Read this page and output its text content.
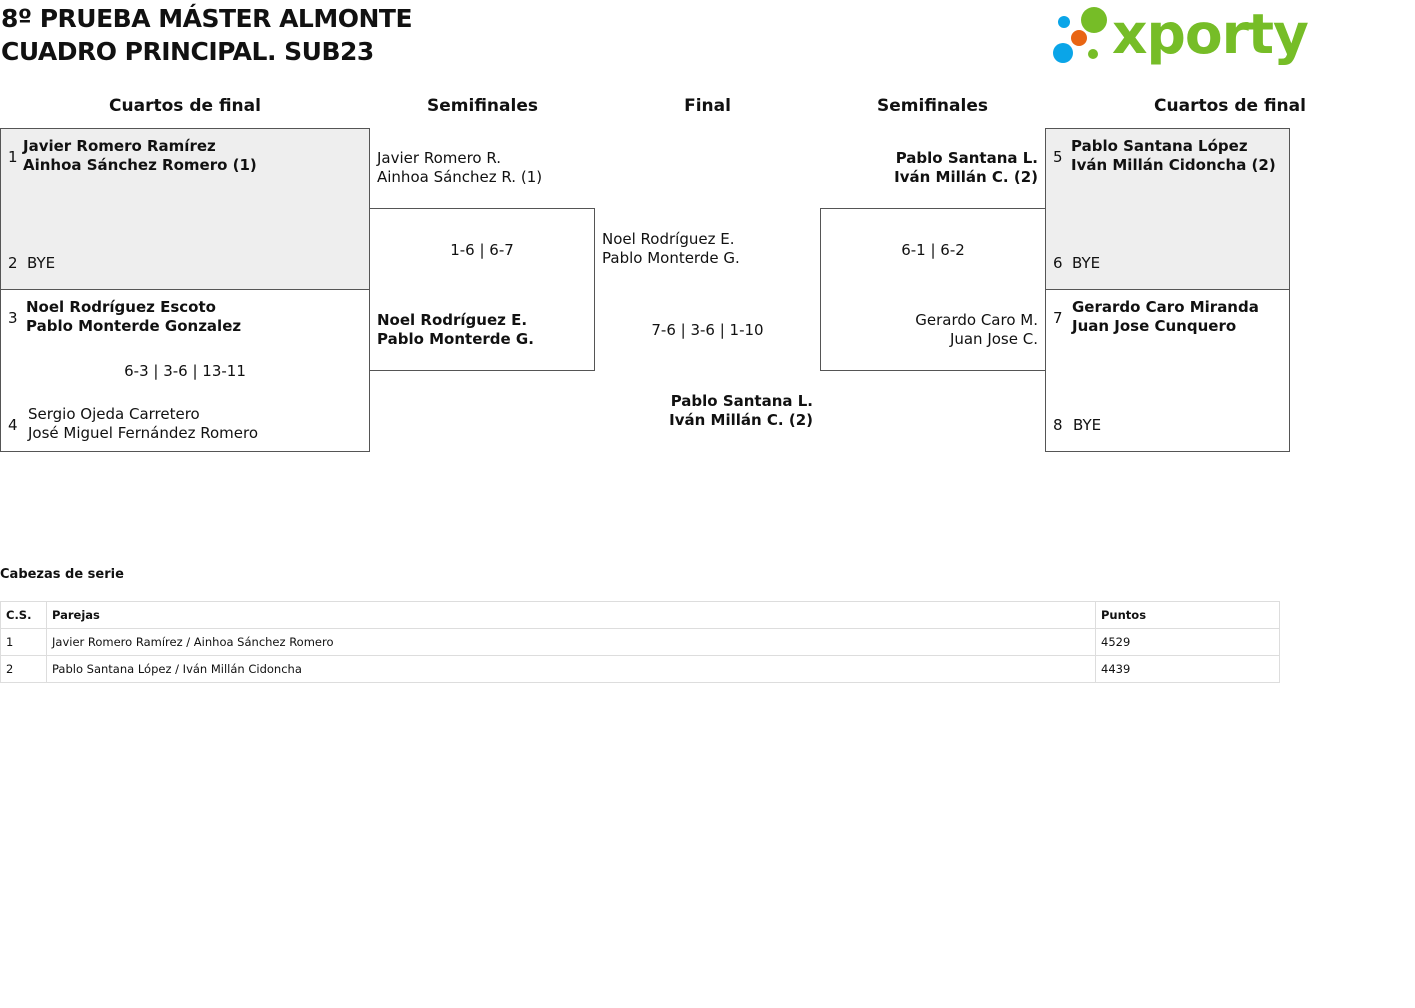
8º PRUEBA MÁSTER ALMONTE
CUADRO PRINCIPAL. SUB23	xporty
Cuartos de final	Semifinales	Final	Semifinales	Cuartos de final
1
Javier Romero Ramírez
Ainhoa Sánchez Romero (1)
2 BYE
3
Noel Rodríguez Escoto
Pablo Monterde Gonzalez
6-3 | 3-6 | 13-11
4
Sergio Ojeda Carretero
José Miguel Fernández Romero
Javier Romero R.
Ainhoa Sánchez R. (1)
1-6 | 6-7
Noel Rodríguez E.
Pablo Monterde G.
Noel Rodríguez E.
Pablo Monterde G.
7-6 | 3-6 | 1-10
Pablo Santana L.
Iván Millán C. (2)
Pablo Santana L.
Iván Millán C. (2)
6-1 | 6-2
Gerardo Caro M.
Juan Jose C.
5
Pablo Santana López
Iván Millán Cidoncha (2)
6 BYE
7
Gerardo Caro Miranda
Juan Jose Cunquero
8 BYE
Cabezas de serie
C.S.	Parejas	Puntos
1	Javier Romero Ramírez / Ainhoa Sánchez Romero	4529
2	Pablo Santana López / Iván Millán Cidoncha	4439
